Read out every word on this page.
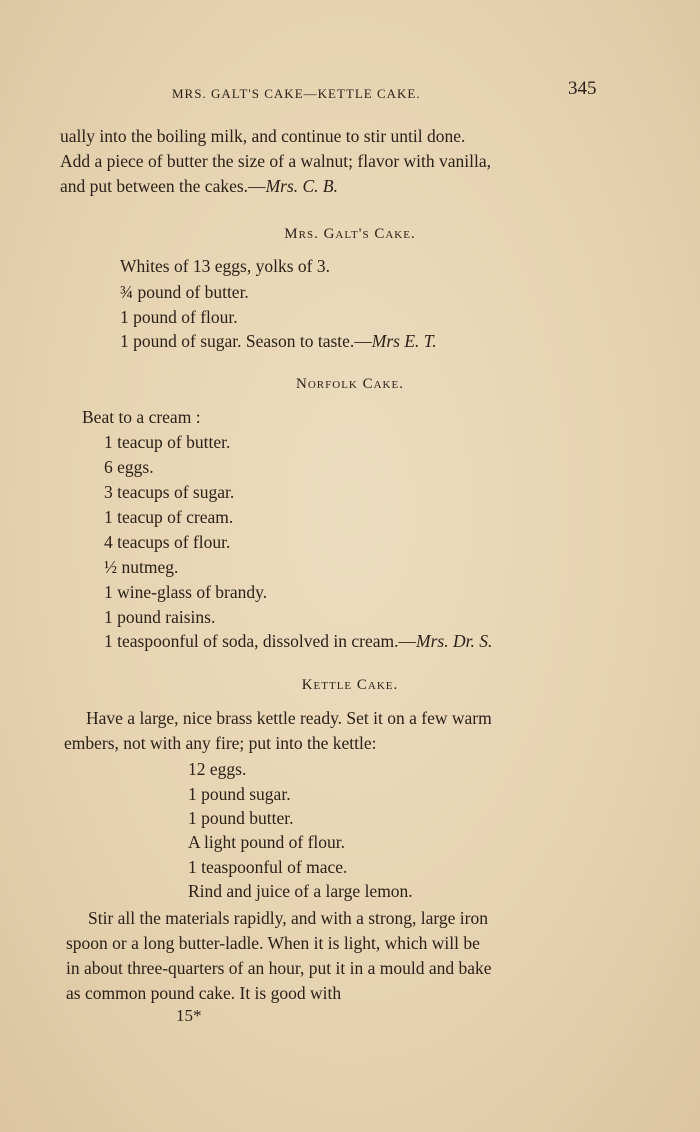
MRS. GALT'S CAKE—KETTLE CAKE.	345
ually into the boiling milk, and continue to stir until done.
Add a piece of butter the size of a walnut; flavor with vanilla,
and put between the cakes.—Mrs. C. B.
Mrs. Galt's Cake.
Whites of 13 eggs, yolks of 3.
¾ pound of butter.
1 pound of flour.
1 pound of sugar. Season to taste.—Mrs E. T.
Norfolk Cake.
Beat to a cream :
1 teacup of butter.
6 eggs.
3 teacups of sugar.
1 teacup of cream.
4 teacups of flour.
½ nutmeg.
1 wine-glass of brandy.
1 pound raisins.
1 teaspoonful of soda, dissolved in cream.—Mrs. Dr. S.
Kettle Cake.
Have a large, nice brass kettle ready. Set it on a few warm
embers, not with any fire; put into the kettle:
12 eggs.
1 pound sugar.
1 pound butter.
A light pound of flour.
1 teaspoonful of mace.
Rind and juice of a large lemon.
Stir all the materials rapidly, and with a strong, large iron
spoon or a long butter-ladle. When it is light, which will be
in about three-quarters of an hour, put it in a mould and bake
as common pound cake. It is good with
15*
